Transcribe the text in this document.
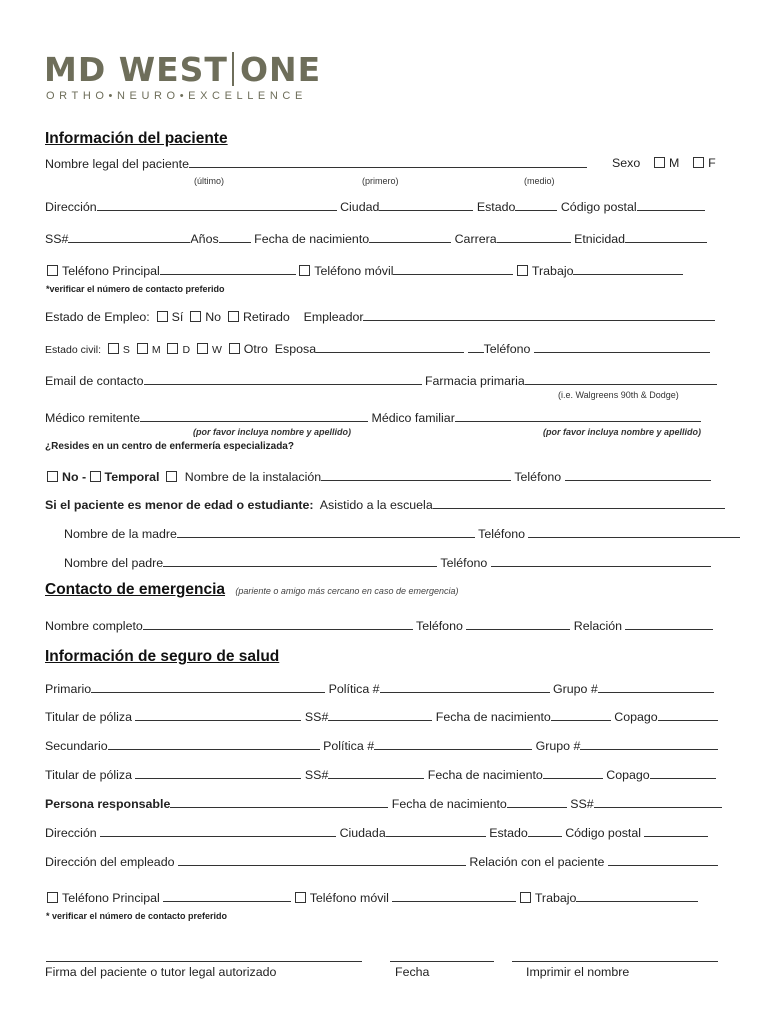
MD WEST ONE
ORTHO•NEURO•EXCELLENCE
Información del paciente
Nombre legal del paciente	Sexo M F
(último)	(primero)	(medio)
Dirección	Ciudad	Estado	Código postal
SS#	Años	Fecha de nacimiento	Carrera	Etnicidad
Teléfono Principal	Teléfono móvil	Trabajo
*verificar el número de contacto preferido
Estado de Empleo: Sí No Retirado Empleador
Estado civil: S M D W Otro Esposa	Teléfono
Email de contacto	Farmacia primaria
(i.e. Walgreens 90th & Dodge)
Médico remitente	Médico familiar
(por favor incluya nombre y apellido)	(por favor incluya nombre y apellido)
¿Resides en un centro de enfermería especializada?
No - Temporal Nombre de la instalación	Teléfono
Si el paciente es menor de edad o estudiante: Asistido a la escuela
Nombre de la madre	Teléfono
Nombre del padre	Teléfono
Contacto de emergencia (pariente o amigo más cercano en caso de emergencia)
Nombre completo	Teléfono	Relación
Información de seguro de salud
Primario	Política #	Grupo #
Titular de póliza	SS#	Fecha de nacimiento	Copago
Secundario	Política #	Grupo #
Titular de póliza	SS#	Fecha de nacimiento	Copago
Persona responsable	Fecha de nacimiento	SS#
Dirección	Ciudada	Estado	Código postal
Dirección del empleado	Relación con el paciente
Teléfono Principal	Teléfono móvil	Trabajo
* verificar el número de contacto preferido
Firma del paciente o tutor legal autorizado	Fecha	Imprimir el nombre
